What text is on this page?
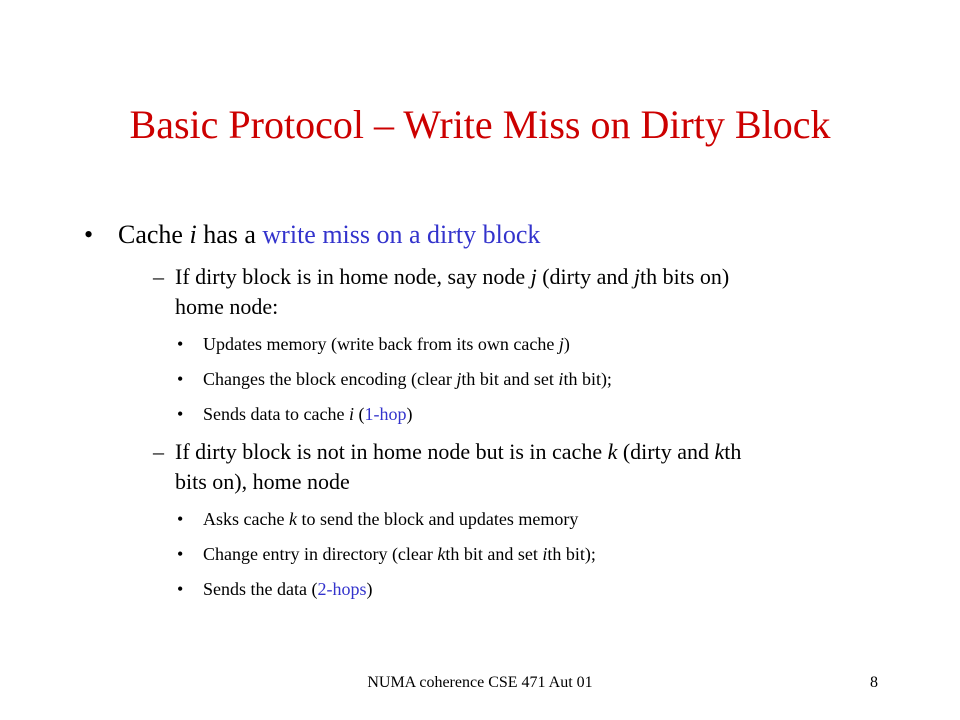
Basic Protocol – Write Miss on Dirty Block
• Cache i has a write miss on a dirty block
– If dirty block is in home node, say node j (dirty and jth bits on)
home node:
• Updates memory (write back from its own cache j)
• Changes the block encoding (clear jth bit and set ith bit);
• Sends data to cache i (1-hop)
– If dirty block is not in home node but is in cache k (dirty and kth
bits on), home node
• Asks cache k to send the block and updates memory
• Change entry in directory (clear kth bit and set ith bit);
• Sends the data (2-hops)
NUMA coherence CSE 471 Aut 01	8
